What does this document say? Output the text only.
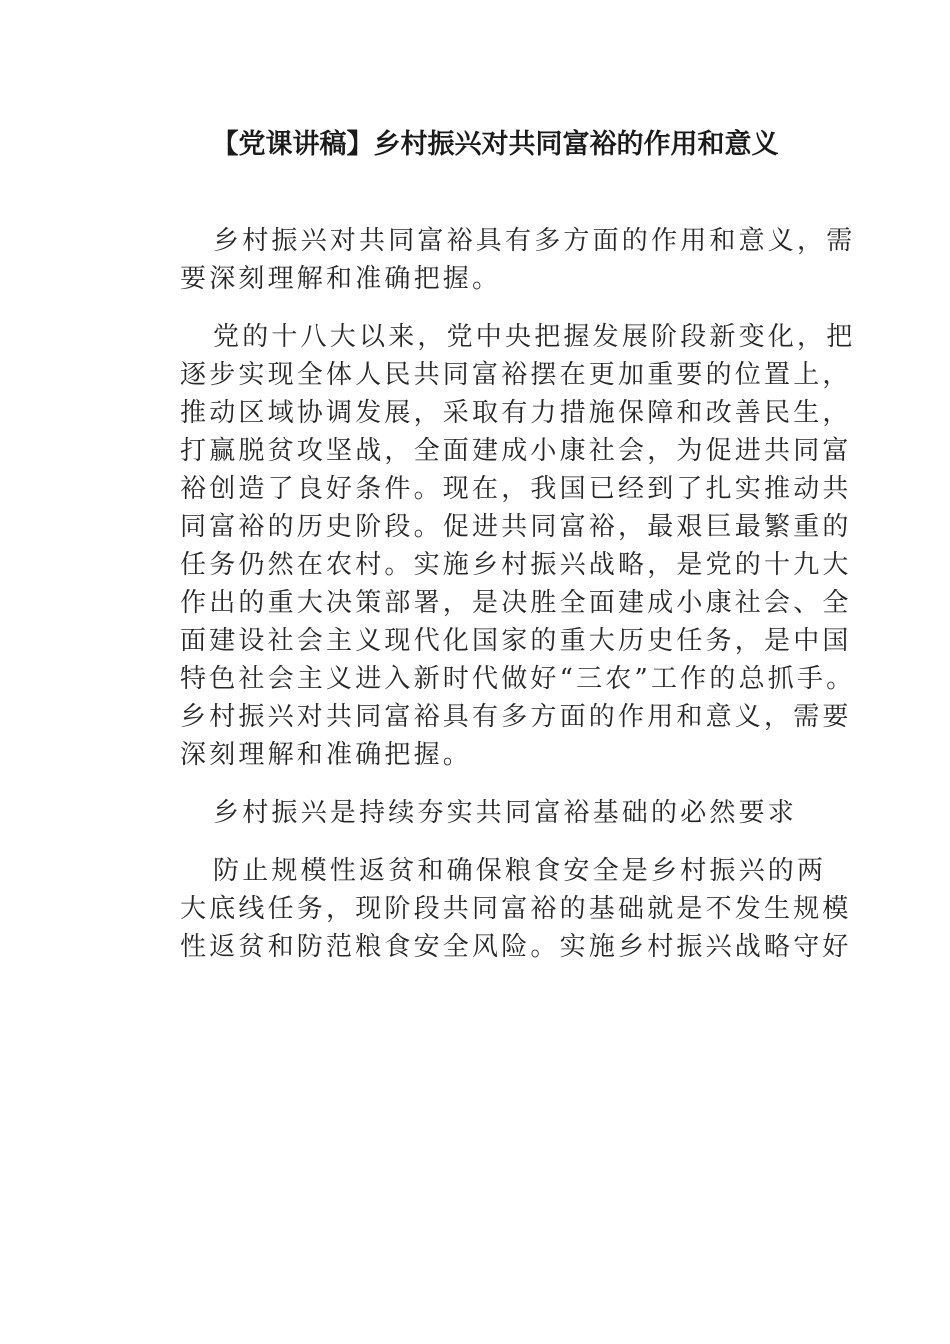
【党课讲稿】乡村振兴对共同富裕的作用和意义
乡村振兴对共同富裕具有多方面的作用和意义，需
要深刻理解和准确把握。
党的十八大以来，党中央把握发展阶段新变化，把
逐步实现全体人民共同富裕摆在更加重要的位置上，
推动区域协调发展，采取有力措施保障和改善民生，
打赢脱贫攻坚战，全面建成小康社会，为促进共同富
裕创造了良好条件。现在，我国已经到了扎实推动共
同富裕的历史阶段。促进共同富裕，最艰巨最繁重的
任务仍然在农村。实施乡村振兴战略，是党的十九大
作出的重大决策部署，是决胜全面建成小康社会、全
面建设社会主义现代化国家的重大历史任务，是中国
特色社会主义进入新时代做好“三农”工作的总抓手。
乡村振兴对共同富裕具有多方面的作用和意义，需要
深刻理解和准确把握。
乡村振兴是持续夯实共同富裕基础的必然要求
防止规模性返贫和确保粮食安全是乡村振兴的两
大底线任务，现阶段共同富裕的基础就是不发生规模
性返贫和防范粮食安全风险。实施乡村振兴战略守好
